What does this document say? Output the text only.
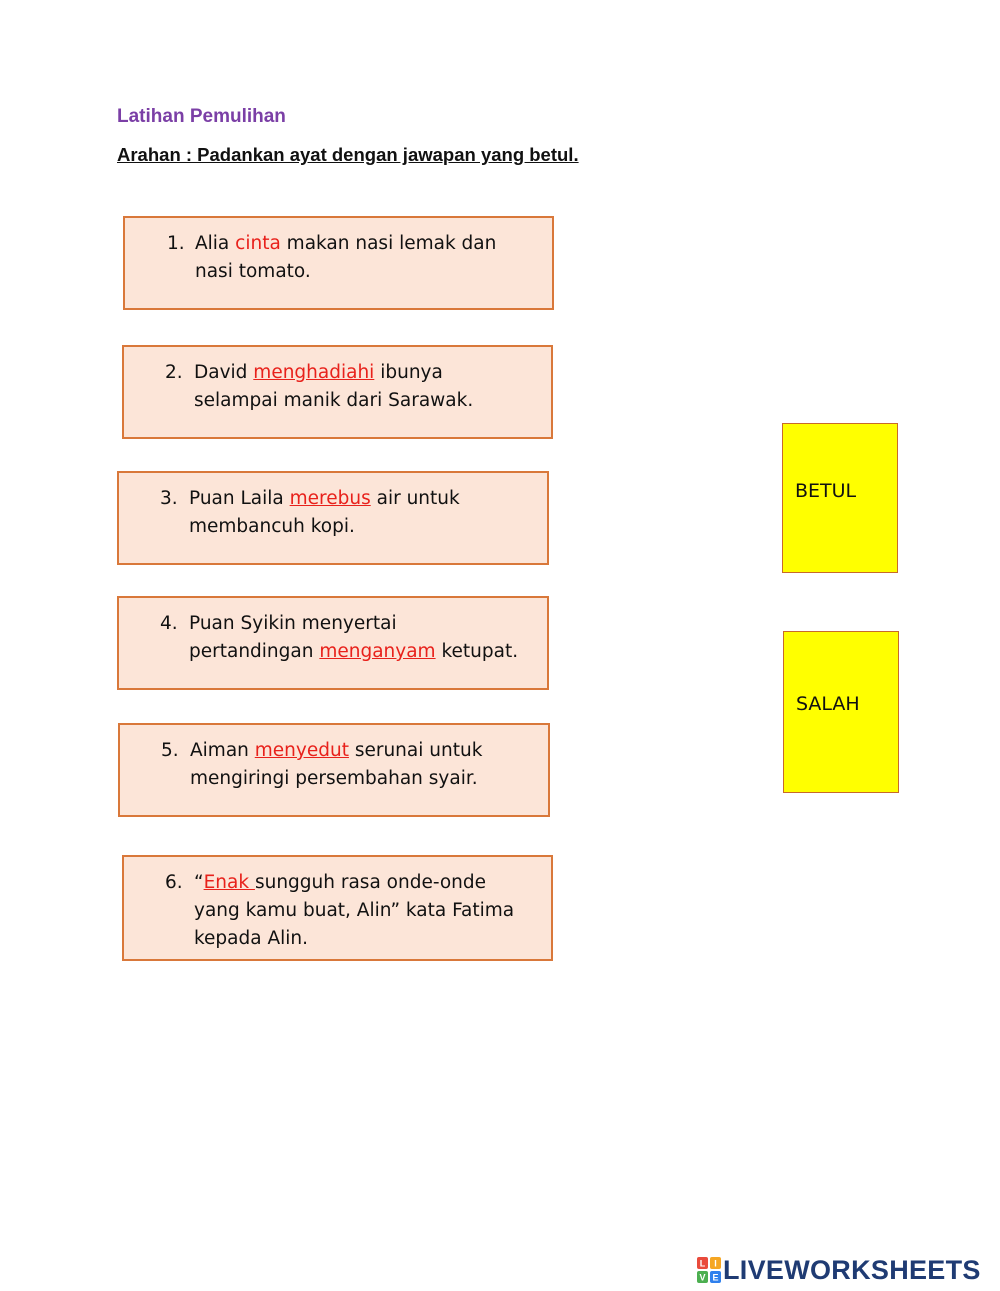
Latihan Pemulihan
Arahan : Padankan ayat dengan jawapan yang betul.
1. Alia cinta makan nasi lemak dan
nasi tomato.
2. David menghadiahi ibunya
selampai manik dari Sarawak.
3. Puan Laila merebus air untuk
membancuh kopi.
4. Puan Syikin menyertai
pertandingan menganyam ketupat.
5. Aiman menyedut serunai untuk
mengiringi persembahan syair.
6. “Enak sungguh rasa onde-onde
yang kamu buat, Alin” kata Fatima
kepada Alin.
BETUL
SALAH
L I
V E LIVEWORKSHEETS
